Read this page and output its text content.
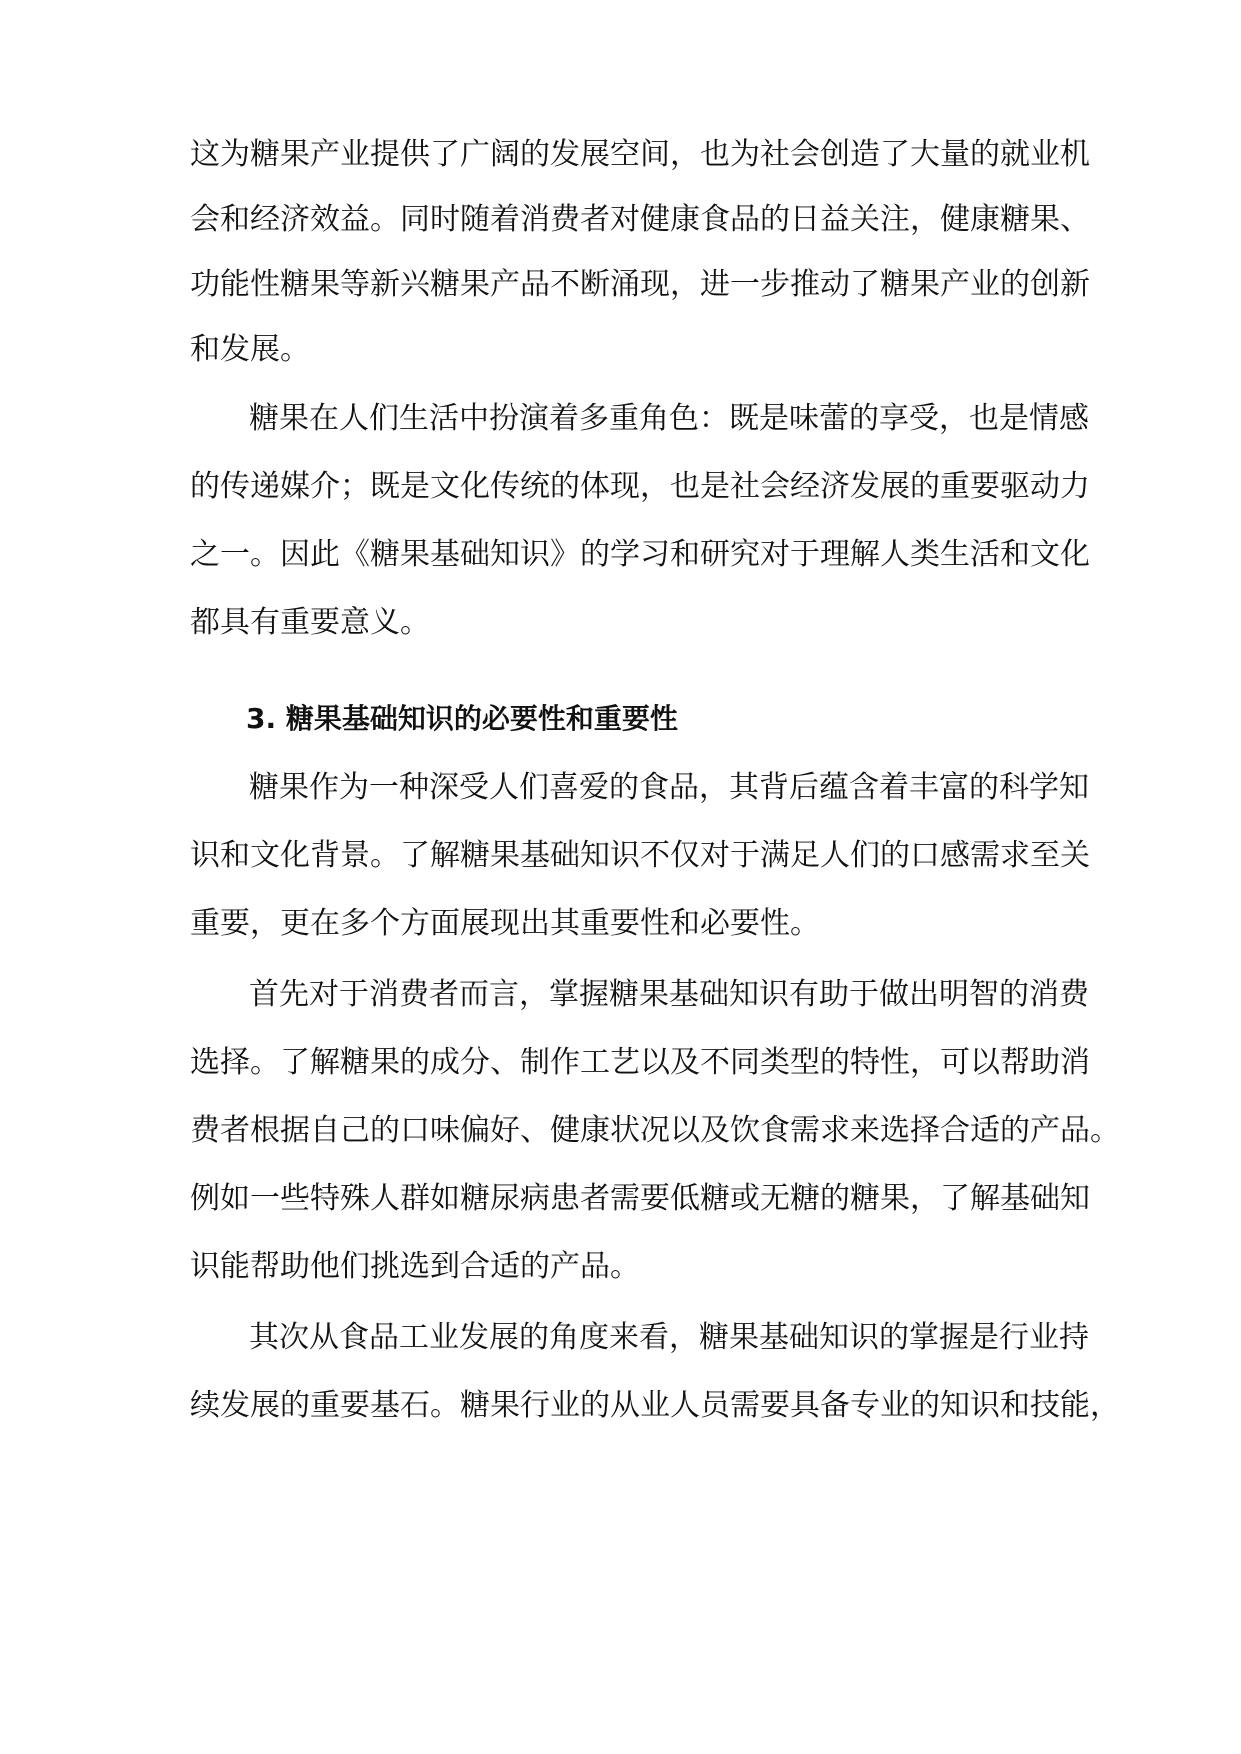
这为糖果产业提供了广阔的发展空间，也为社会创造了大量的就业机
会和经济效益。同时随着消费者对健康食品的日益关注，健康糖果、
功能性糖果等新兴糖果产品不断涌现，进一步推动了糖果产业的创新
和发展。
糖果在人们生活中扮演着多重角色：既是味蕾的享受，也是情感
的传递媒介；既是文化传统的体现，也是社会经济发展的重要驱动力
之一。因此《糖果基础知识》的学习和研究对于理解人类生活和文化
都具有重要意义。
3. 糖果基础知识的必要性和重要性
糖果作为一种深受人们喜爱的食品，其背后蕴含着丰富的科学知
识和文化背景。了解糖果基础知识不仅对于满足人们的口感需求至关
重要，更在多个方面展现出其重要性和必要性。
首先对于消费者而言，掌握糖果基础知识有助于做出明智的消费
选择。了解糖果的成分、制作工艺以及不同类型的特性，可以帮助消
费者根据自己的口味偏好、健康状况以及饮食需求来选择合适的产品。
例如一些特殊人群如糖尿病患者需要低糖或无糖的糖果，了解基础知
识能帮助他们挑选到合适的产品。
其次从食品工业发展的角度来看，糖果基础知识的掌握是行业持
续发展的重要基石。糖果行业的从业人员需要具备专业的知识和技能，
